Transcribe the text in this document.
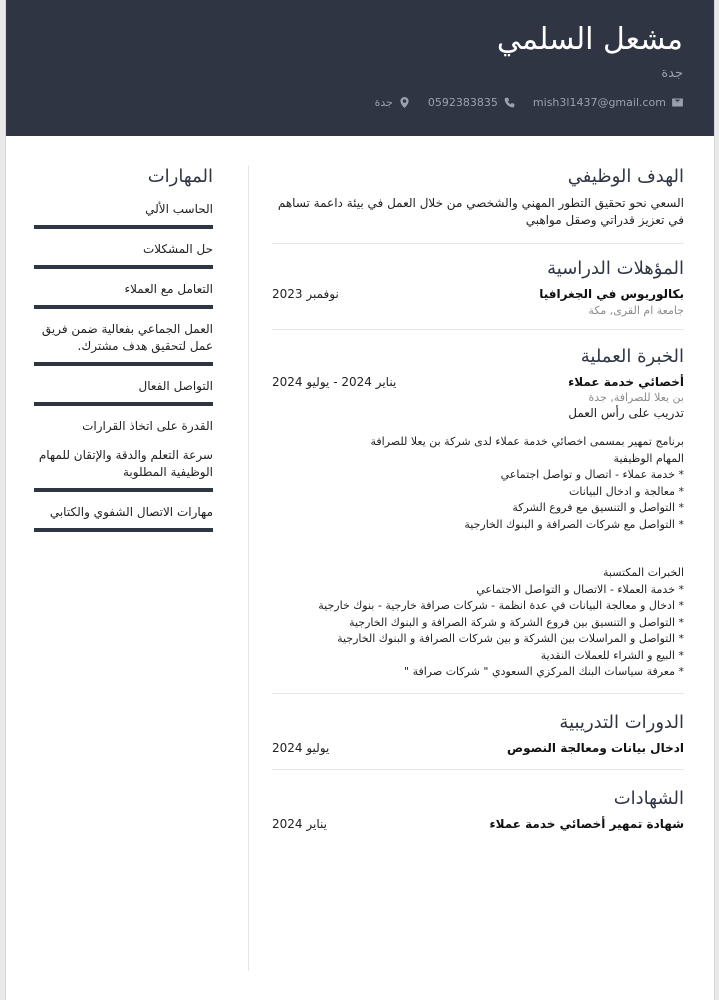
مشعل السلمي
جدة
mish3l1437@gmail.com
0592383835
جدة
الهدف الوظيفي
السعي نحو تحقيق التطور المهني والشخصي من خلال العمل في بيئة داعمة تساهم في تعزيز قدراتي وصقل مواهبي
المؤهلات الدراسية
بكالوريوس في الجغرافيا
نوفمبر 2023
جامعة ام القرى, مكة
الخبرة العملية
أخصائي خدمة عملاء
يناير 2024 - يوليو 2024
بن يعلا للصرافة, جدة
تدريب على رأس العمل
برنامج تمهير بمسمى اخصائي خدمة عملاء لدى شركة بن يعلا للصرافة
المهام الوظيفية
* خدمة عملاء - اتصال و تواصل اجتماعي
* معالجة و ادخال البيانات
* التواصل و التنسيق مع فروع الشركة
* التواصل مع شركات الصرافة و البنوك الخارجية
الخبرات المكتسبة
* خدمة العملاء - الاتصال و التواصل الاجتماعي
* ادخال و معالجة البيانات في عدة انظمة - شركات صرافة خارجية - بنوك خارجية
* التواصل و التنسيق بين فروع الشركة و شركة الصرافة و البنوك الخارجية
* التواصل و المراسلات بين الشركة و بين شركات الصرافة و البنوك الخارجية
* البيع و الشراء للعملات النقدية
* معرفة سياسات البنك المركزي السعودي " شركات صرافة "
الدورات التدريبية
ادخال بيانات ومعالجة النصوص
يوليو 2024
الشهادات
شهادة تمهير أخصائي خدمة عملاء
يناير 2024
المهارات
الحاسب الألي
حل المشكلات
التعامل مع العملاء
العمل الجماعي بفعالية ضمن فريق عمل لتحقيق هدف مشترك.
التواصل الفعال
القدرة على اتخاذ القرارات
سرعة التعلم والدقة والإتقان للمهام الوظيفية المطلوبة
مهارات الاتصال الشفوي والكتابي
